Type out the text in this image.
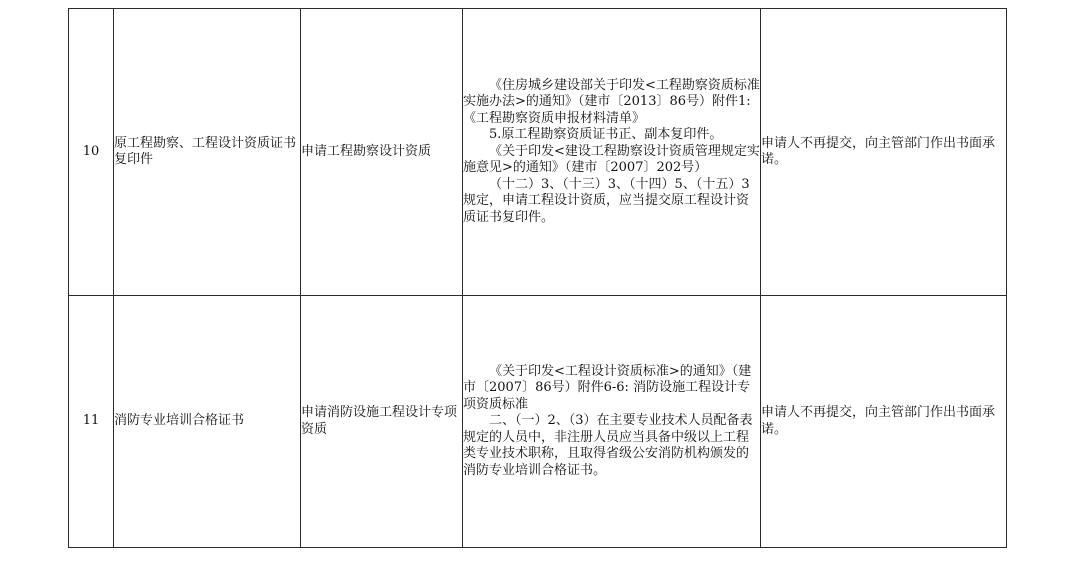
10	原工程勘察、工程设计资质证书复印件	申请工程勘察设计资质	《住房城乡建设部关于印发<工程勘察资质标准实施办法>的通知》（建市〔2013〕86号）附件1:《工程勘察资质申报材料清单》
5.原工程勘察资质证书正、副本复印件。
《关于印发<建设工程勘察设计资质管理规定实施意见>的通知》（建市〔2007〕202号）
（十二）3、（十三）3、（十四）5、（十五）3规定，申请工程设计资质，应当提交原工程设计资质证书复印件。	申请人不再提交，向主管部门作出书面承诺。

11	消防专业培训合格证书	申请消防设施工程设计专项资质	《关于印发<工程设计资质标准>的通知》（建市〔2007〕86号）附件6-6: 消防设施工程设计专项资质标准
二、（一）2、（3）在主要专业技术人员配备表规定的人员中，非注册人员应当具备中级以上工程类专业技术职称，且取得省级公安消防机构颁发的消防专业培训合格证书。	申请人不再提交，向主管部门作出书面承诺。
